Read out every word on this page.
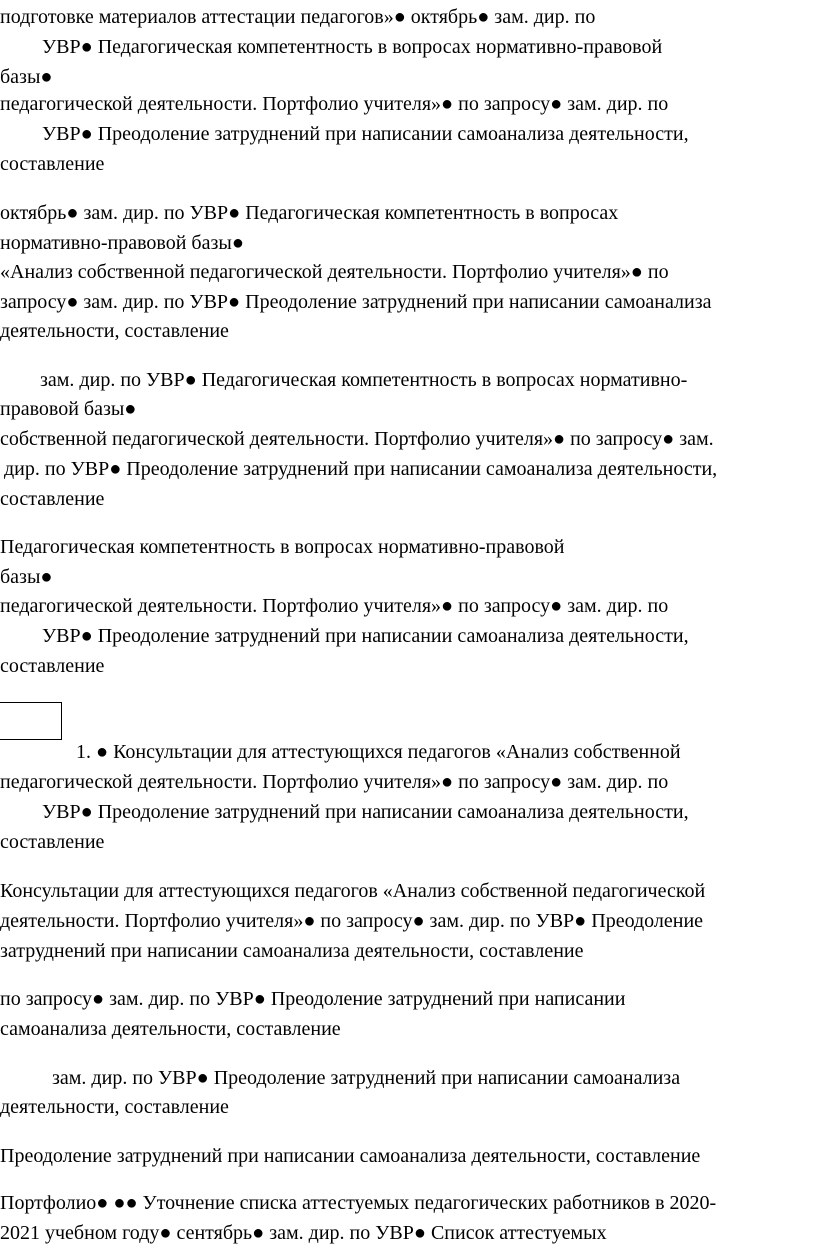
подготовке материалов аттестации педагогов»● октябрь● зам. дир. по
УВР● Педагогическая компетентность в вопросах нормативно-правовой
базы●
педагогической деятельности. Портфолио учителя»● по запросу● зам. дир. по
УВР● Преодоление затруднений при написании самоанализа деятельности,
составление
октябрь● зам. дир. по УВР● Педагогическая компетентность в вопросах
нормативно-правовой базы●
«Анализ собственной педагогической деятельности. Портфолио учителя»● по
запросу● зам. дир. по УВР● Преодоление затруднений при написании самоанализа
деятельности, составление
зам. дир. по УВР● Педагогическая компетентность в вопросах нормативно-
правовой базы●
собственной педагогической деятельности. Портфолио учителя»● по запросу● зам.
дир. по УВР● Преодоление затруднений при написании самоанализа деятельности,
составление
Педагогическая компетентность в вопросах нормативно-правовой
базы●
педагогической деятельности. Портфолио учителя»● по запросу● зам. дир. по
УВР● Преодоление затруднений при написании самоанализа деятельности,
составление
1. ● Консультации для аттестующихся педагогов «Анализ собственной
педагогической деятельности. Портфолио учителя»● по запросу● зам. дир. по
УВР● Преодоление затруднений при написании самоанализа деятельности,
составление
Консультации для аттестующихся педагогов «Анализ собственной педагогической
деятельности. Портфолио учителя»● по запросу● зам. дир. по УВР● Преодоление
затруднений при написании самоанализа деятельности, составление
по запросу● зам. дир. по УВР● Преодоление затруднений при написании
самоанализа деятельности, составление
зам. дир. по УВР● Преодоление затруднений при написании самоанализа
деятельности, составление
Преодоление затруднений при написании самоанализа деятельности, составление
Портфолио● ●● Уточнение списка аттестуемых педагогических работников в 2020-
2021 учебном году● сентябрь● зам. дир. по УВР● Список аттестуемых
